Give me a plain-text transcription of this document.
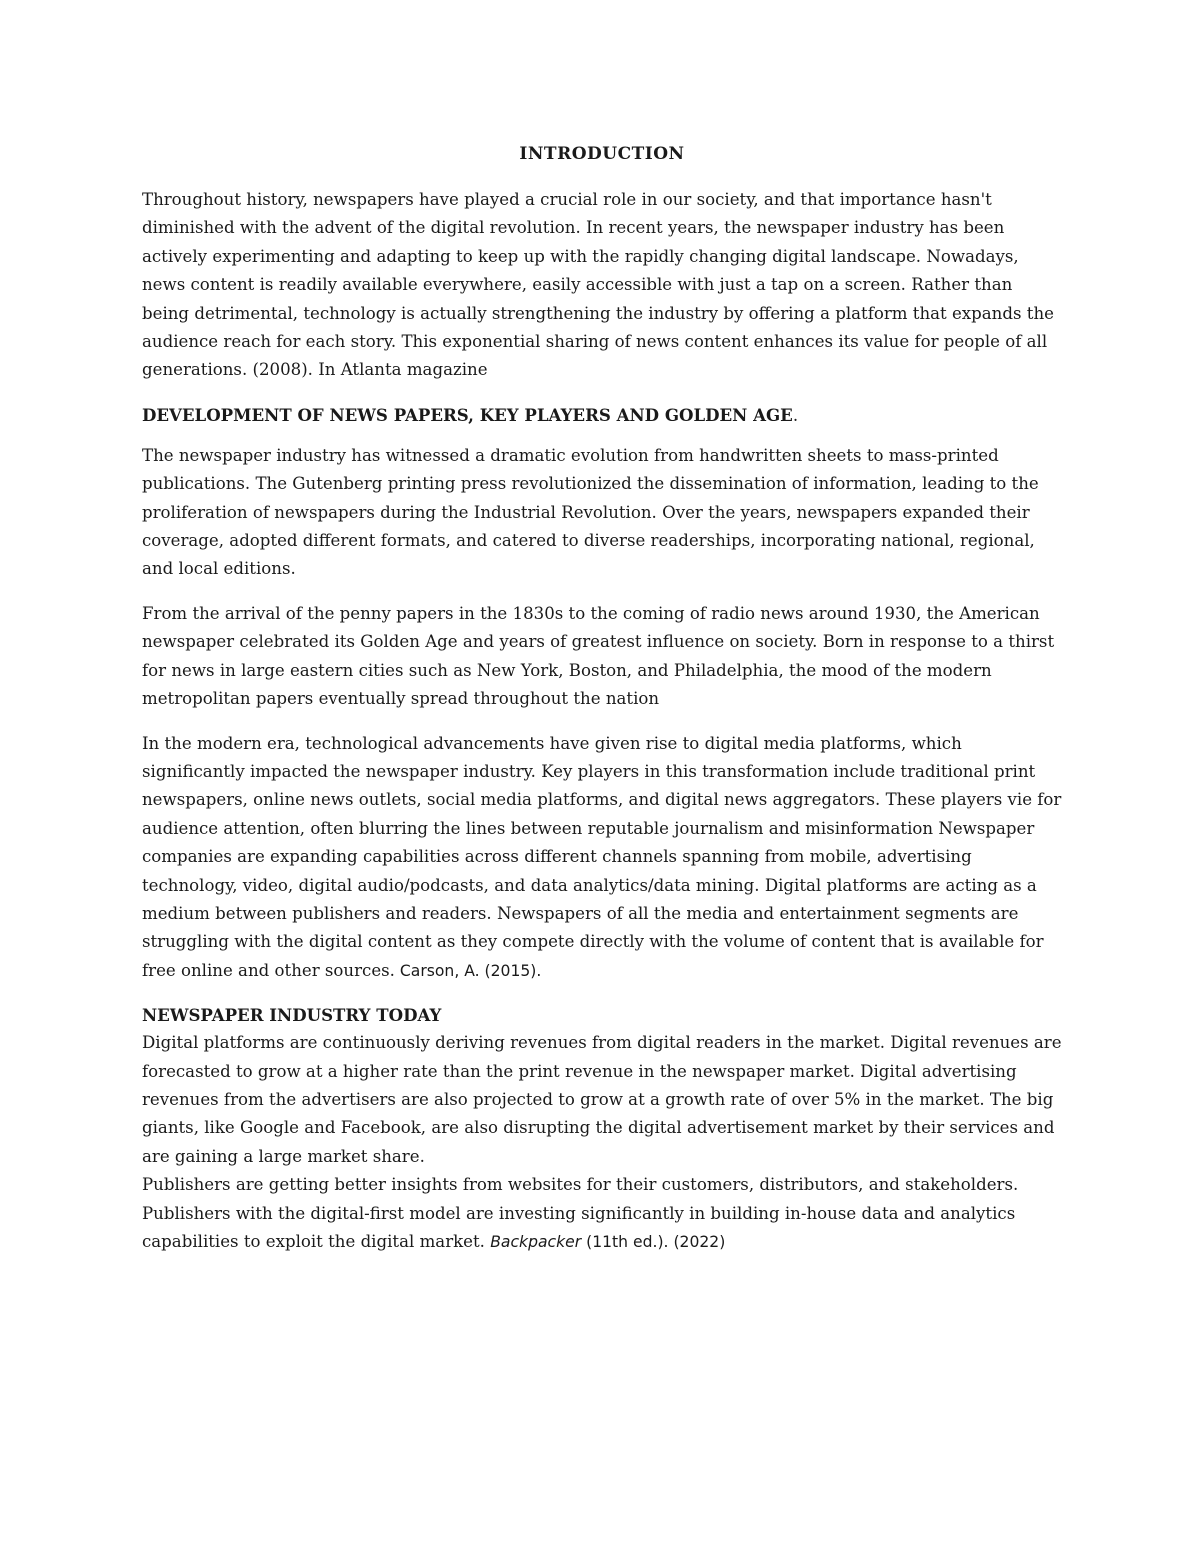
INTRODUCTION

Throughout history, newspapers have played a crucial role in our society, and that importance hasn't diminished with the advent of the digital revolution. In recent years, the newspaper industry has been actively experimenting and adapting to keep up with the rapidly changing digital landscape. Nowadays, news content is readily available everywhere, easily accessible with just a tap on a screen. Rather than being detrimental, technology is actually strengthening the industry by offering a platform that expands the audience reach for each story. This exponential sharing of news content enhances its value for people of all generations. (2008). In Atlanta magazine

DEVELOPMENT OF NEWS PAPERS, KEY PLAYERS AND GOLDEN AGE.

The newspaper industry has witnessed a dramatic evolution from handwritten sheets to mass-printed publications. The Gutenberg printing press revolutionized the dissemination of information, leading to the proliferation of newspapers during the Industrial Revolution. Over the years, newspapers expanded their coverage, adopted different formats, and catered to diverse readerships, incorporating national, regional, and local editions.

From the arrival of the penny papers in the 1830s to the coming of radio news around 1930, the American newspaper celebrated its Golden Age and years of greatest influence on society. Born in response to a thirst for news in large eastern cities such as New York, Boston, and Philadelphia, the mood of the modern metropolitan papers eventually spread throughout the nation

In the modern era, technological advancements have given rise to digital media platforms, which significantly impacted the newspaper industry. Key players in this transformation include traditional print newspapers, online news outlets, social media platforms, and digital news aggregators. These players vie for audience attention, often blurring the lines between reputable journalism and misinformation Newspaper companies are expanding capabilities across different channels spanning from mobile, advertising technology, video, digital audio/podcasts, and data analytics/data mining. Digital platforms are acting as a medium between publishers and readers. Newspapers of all the media and entertainment segments are struggling with the digital content as they compete directly with the volume of content that is available for free online and other sources. Carson, A. (2015).

NEWSPAPER INDUSTRY TODAY

Digital platforms are continuously deriving revenues from digital readers in the market. Digital revenues are forecasted to grow at a higher rate than the print revenue in the newspaper market. Digital advertising revenues from the advertisers are also projected to grow at a growth rate of over 5% in the market. The big giants, like Google and Facebook, are also disrupting the digital advertisement market by their services and are gaining a large market share.

Publishers are getting better insights from websites for their customers, distributors, and stakeholders. Publishers with the digital-first model are investing significantly in building in-house data and analytics capabilities to exploit the digital market. Backpacker (11th ed.). (2022)
